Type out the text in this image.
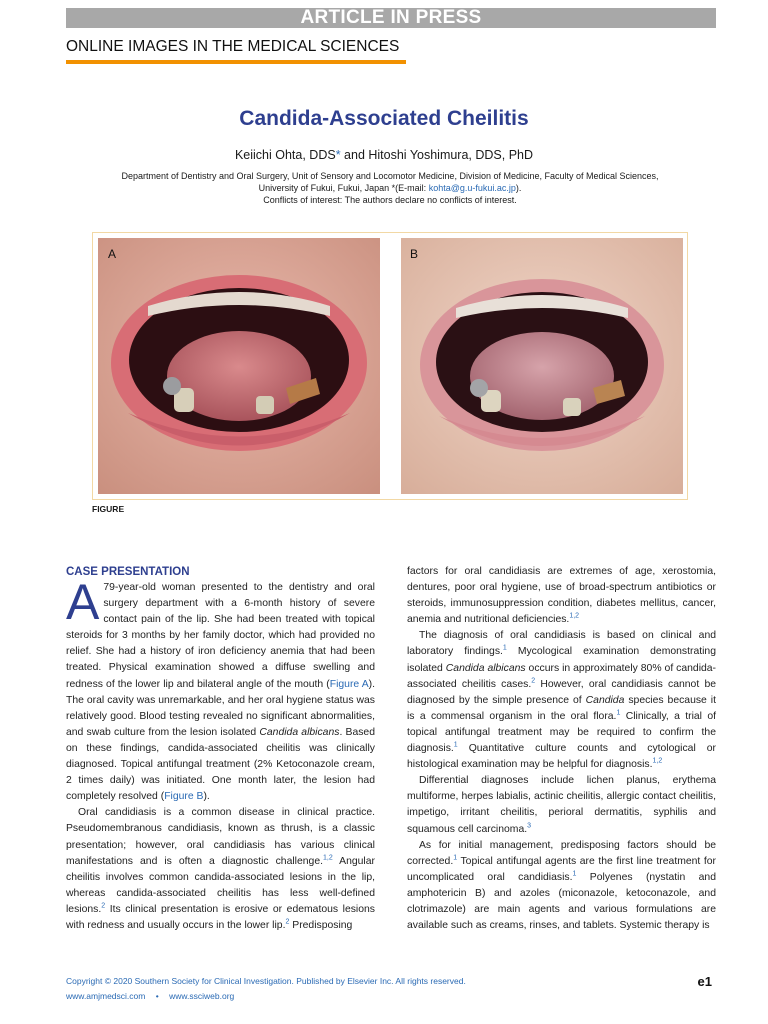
ARTICLE IN PRESS
ONLINE IMAGES IN THE MEDICAL SCIENCES
Candida-Associated Cheilitis
Keiichi Ohta, DDS* and Hitoshi Yoshimura, DDS, PhD
Department of Dentistry and Oral Surgery, Unit of Sensory and Locomotor Medicine, Division of Medicine, Faculty of Medical Sciences,
University of Fukui, Fukui, Japan *(E-mail: kohta@g.u-fukui.ac.jp).
Conflicts of interest: The authors declare no conflicts of interest.
A	B
FIGURE
CASE PRESENTATION

A 79-year-old woman presented to the dentistry and oral surgery department with a 6-month history of severe contact pain of the lip. She had been treated with topical steroids for 3 months by her family doctor, which had provided no relief. She had a history of iron deficiency anemia that had been treated. Physical examination showed a diffuse swelling and redness of the lower lip and bilateral angle of the mouth (Figure A). The oral cavity was unremarkable, and her oral hygiene status was relatively good. Blood testing revealed no significant abnormalities, and swab culture from the lesion isolated Candida albicans. Based on these findings, candida-associated cheilitis was clinically diagnosed. Topical antifungal treatment (2% Ketoconazole cream, 2 times daily) was initiated. One month later, the lesion had completely resolved (Figure B).

Oral candidiasis is a common disease in clinical practice. Pseudomembranous candidiasis, known as thrush, is a classic presentation; however, oral candidiasis has various clinical manifestations and is often a diagnostic challenge.$^{1,2}$ Angular cheilitis involves common candida-associated lesions in the lip, whereas candida-associated cheilitis has less well-defined lesions.$^2$ Its clinical presentation is erosive or edematous lesions with redness and usually occurs in the lower lip.$^2$ Predisposing

factors for oral candidiasis are extremes of age, xerostomia, dentures, poor oral hygiene, use of broad-spectrum antibiotics or steroids, immunosuppression condition, diabetes mellitus, cancer, anemia and nutritional deficiencies.$^{1,2}$

The diagnosis of oral candidiasis is based on clinical and laboratory findings.$^1$ Mycological examination demonstrating isolated Candida albicans occurs in approximately 80% of candida-associated cheilitis cases.$^2$ However, oral candidiasis cannot be diagnosed by the simple presence of Candida species because it is a commensal organism in the oral flora.$^1$ Clinically, a trial of topical antifungal treatment may be required to confirm the diagnosis.$^1$ Quantitative culture counts and cytological or histological examination may be helpful for diagnosis.$^{1,2}$

Differential diagnoses include lichen planus, erythema multiforme, herpes labialis, actinic cheilitis, allergic contact cheilitis, impetigo, irritant cheilitis, perioral dermatitis, syphilis and squamous cell carcinoma.$^3$

As for initial management, predisposing factors should be corrected.$^1$ Topical antifungal agents are the first line treatment for uncomplicated oral candidiasis.$^1$ Polyenes (nystatin and amphotericin B) and azoles (miconazole, ketoconazole, and clotrimazole) are main agents and various formulations are available such as creams, rinses, and tablets. Systemic therapy is

Copyright © 2020 Southern Society for Clinical Investigation. Published by Elsevier Inc. All rights reserved.
www.amjmedsci.com • www.ssciweb.org
e1
